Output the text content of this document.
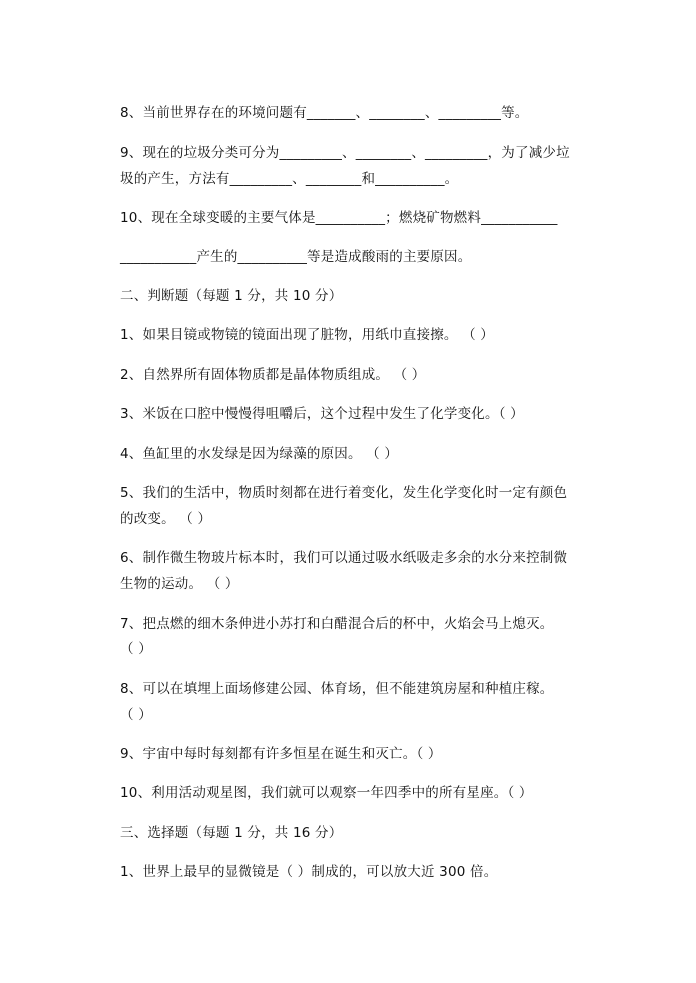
8、当前世界存在的环境问题有_______、________、_________等。
9、现在的垃圾分类可分为_________、________、_________，为了减少垃
圾的产生，方法有_________、________和__________。
10、现在全球变暖的主要气体是__________；燃烧矿物燃料___________
___________产生的__________等是造成酸雨的主要原因。
二、判断题（每题 1 分，共 10 分）
1、如果目镜或物镜的镜面出现了脏物，用纸巾直接擦。 （ ）
2、自然界所有固体物质都是晶体物质组成。 （ ）
3、米饭在口腔中慢慢得咀嚼后，这个过程中发生了化学变化。（ ）
4、鱼缸里的水发绿是因为绿藻的原因。 （ ）
5、我们的生活中，物质时刻都在进行着变化，发生化学变化时一定有颜色
的改变。 （ ）
6、制作微生物玻片标本时，我们可以通过吸水纸吸走多余的水分来控制微
生物的运动。 （ ）
7、把点燃的细木条伸进小苏打和白醋混合后的杯中，火焰会马上熄灭。
（ ）
8、可以在填埋上面场修建公园、体育场，但不能建筑房屋和种植庄稼。
（ ）
9、宇宙中每时每刻都有许多恒星在诞生和灭亡。（ ）
10、利用活动观星图，我们就可以观察一年四季中的所有星座。（ ）
三、选择题（每题 1 分，共 16 分）
1、世界上最早的显微镜是（ ）制成的，可以放大近 300 倍。
